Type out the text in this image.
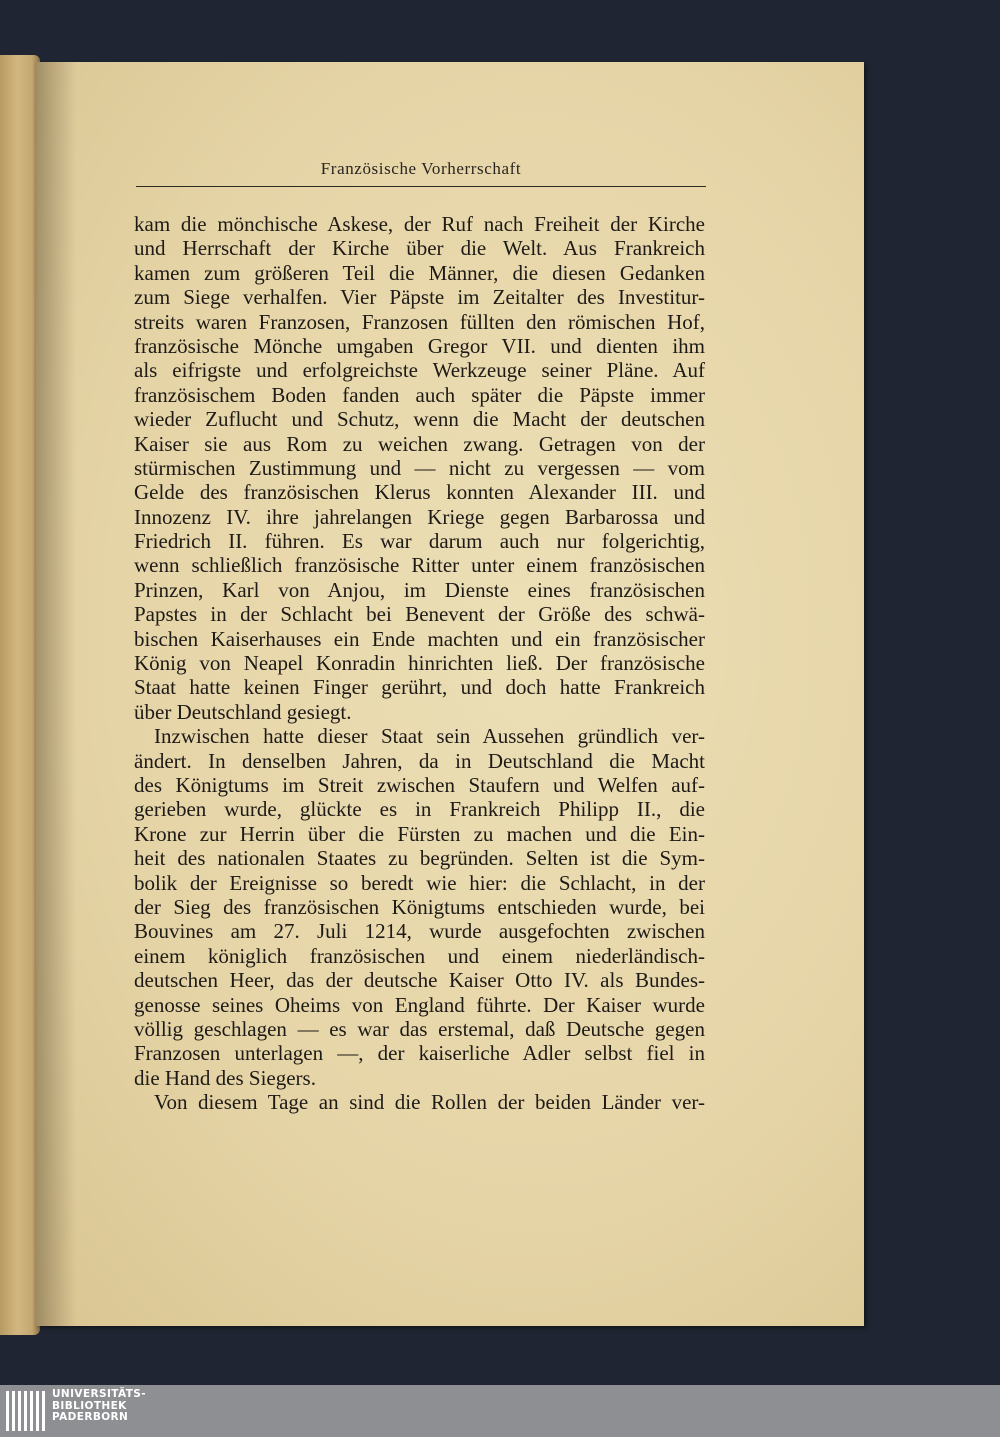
Französische Vorherrschaft
kam die mönchische Askese, der Ruf nach Freiheit der Kirche
und Herrschaft der Kirche über die Welt. Aus Frankreich
kamen zum größeren Teil die Männer, die diesen Gedanken
zum Siege verhalfen. Vier Päpste im Zeitalter des Investitur-
streits waren Franzosen, Franzosen füllten den römischen Hof,
französische Mönche umgaben Gregor VII. und dienten ihm
als eifrigste und erfolgreichste Werkzeuge seiner Pläne. Auf
französischem Boden fanden auch später die Päpste immer
wieder Zuflucht und Schutz, wenn die Macht der deutschen
Kaiser sie aus Rom zu weichen zwang. Getragen von der
stürmischen Zustimmung und — nicht zu vergessen — vom
Gelde des französischen Klerus konnten Alexander III. und
Innozenz IV. ihre jahrelangen Kriege gegen Barbarossa und
Friedrich II. führen. Es war darum auch nur folgerichtig,
wenn schließlich französische Ritter unter einem französischen
Prinzen, Karl von Anjou, im Dienste eines französischen
Papstes in der Schlacht bei Benevent der Größe des schwä-
bischen Kaiserhauses ein Ende machten und ein französischer
König von Neapel Konradin hinrichten ließ. Der französische
Staat hatte keinen Finger gerührt, und doch hatte Frankreich
über Deutschland gesiegt.
Inzwischen hatte dieser Staat sein Aussehen gründlich ver-
ändert. In denselben Jahren, da in Deutschland die Macht
des Königtums im Streit zwischen Staufern und Welfen auf-
gerieben wurde, glückte es in Frankreich Philipp II., die
Krone zur Herrin über die Fürsten zu machen und die Ein-
heit des nationalen Staates zu begründen. Selten ist die Sym-
bolik der Ereignisse so beredt wie hier: die Schlacht, in der
der Sieg des französischen Königtums entschieden wurde, bei
Bouvines am 27. Juli 1214, wurde ausgefochten zwischen
einem königlich französischen und einem niederländisch-
deutschen Heer, das der deutsche Kaiser Otto IV. als Bundes-
genosse seines Oheims von England führte. Der Kaiser wurde
völlig geschlagen — es war das erstemal, daß Deutsche gegen
Franzosen unterlagen —, der kaiserliche Adler selbst fiel in
die Hand des Siegers.
Von diesem Tage an sind die Rollen der beiden Länder ver-
UNIVERSITÄTS-
BIBLIOTHEK
PADERBORN
